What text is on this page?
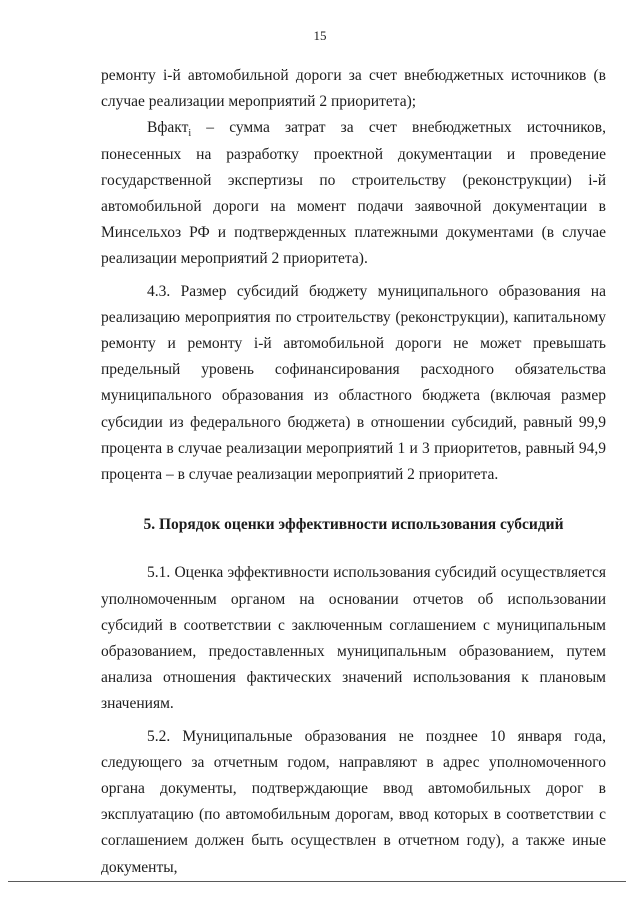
15

ремонту i-й автомобильной дороги за счет внебюджетных источников (в случае реализации мероприятий 2 приоритета);

Вфакт$_i$ – сумма затрат за счет внебюджетных источников, понесенных на разработку проектной документации и проведение государственной экспертизы по строительству (реконструкции) i-й автомобильной дороги на момент подачи заявочной документации в Минсельхоз РФ и подтвержденных платежными документами (в случае реализации мероприятий 2 приоритета).

4.3. Размер субсидий бюджету муниципального образования на реализацию мероприятия по строительству (реконструкции), капитальному ремонту и ремонту i-й автомобильной дороги не может превышать предельный уровень софинансирования расходного обязательства муниципального образования из областного бюджета (включая размер субсидии из федерального бюджета) в отношении субсидий, равный 99,9 процента в случае реализации мероприятий 1 и 3 приоритетов, равный 94,9 процента – в случае реализации мероприятий 2 приоритета.

5. Порядок оценки эффективности использования субсидий

5.1. Оценка эффективности использования субсидий осуществляется уполномоченным органом на основании отчетов об использовании субсидий в соответствии с заключенным соглашением с муниципальным образованием, предоставленных муниципальным образованием, путем анализа отношения фактических значений использования к плановым значениям.

5.2. Муниципальные образования не позднее 10 января года, следующего за отчетным годом, направляют в адрес уполномоченного органа документы, подтверждающие ввод автомобильных дорог в эксплуатацию (по автомобильным дорогам, ввод которых в соответствии с соглашением должен быть осуществлен в отчетном году), а также иные документы,
